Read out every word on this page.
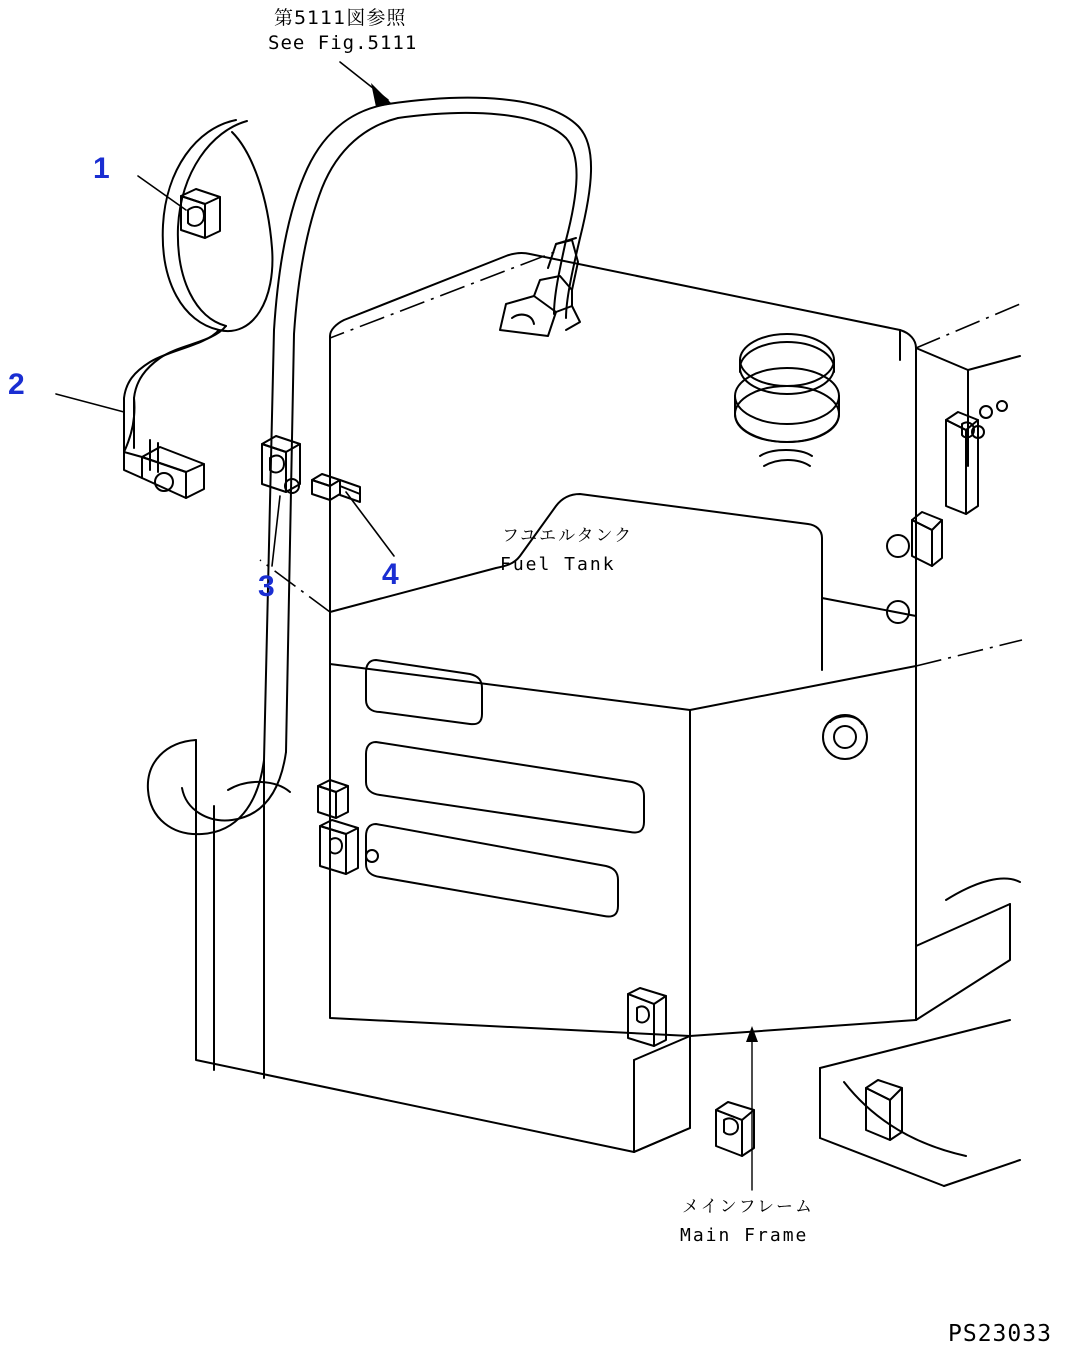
第5111図参照
See Fig.5111
1
2
3	4
フユエルタンク
Fuel Tank
メインフレーム
Main Frame
PS23033
